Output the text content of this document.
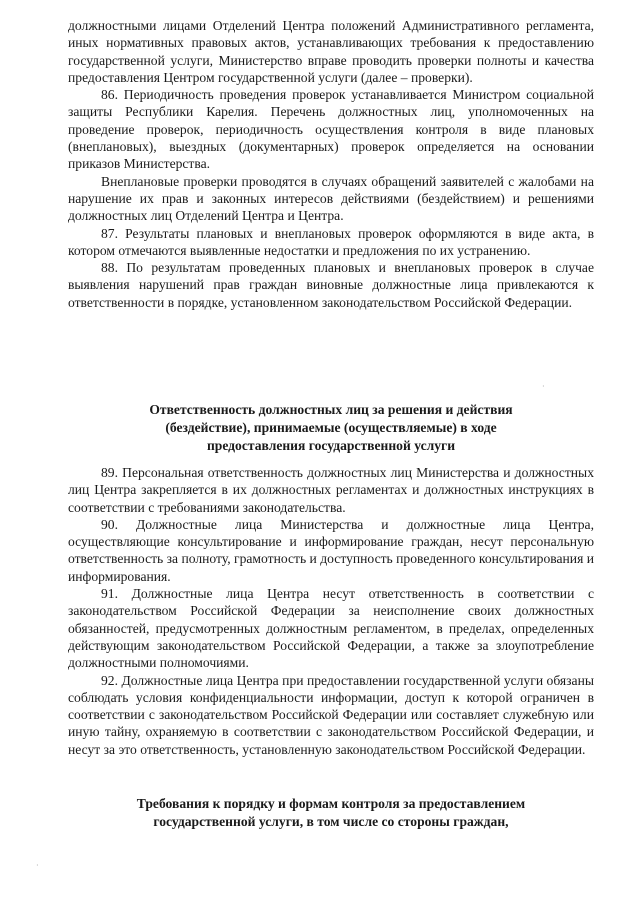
должностными лицами Отделений Центра положений Административного регламента, иных нормативных правовых актов, устанавливающих требования к предоставлению государственной услуги, Министерство вправе проводить проверки полноты и качества предоставления Центром государственной услуги (далее – проверки).

86. Периодичность проведения проверок устанавливается Министром социальной защиты Республики Карелия. Перечень должностных лиц, уполномоченных на проведение проверок, периодичность осуществления контроля в виде плановых (внеплановых), выездных (документарных) проверок определяется на основании приказов Министерства.

Внеплановые проверки проводятся в случаях обращений заявителей с жалобами на нарушение их прав и законных интересов действиями (бездействием) и решениями должностных лиц Отделений Центра и Центра.

87. Результаты плановых и внеплановых проверок оформляются в виде акта, в котором отмечаются выявленные недостатки и предложения по их устранению.

88. По результатам проведенных плановых и внеплановых проверок в случае выявления нарушений прав граждан виновные должностные лица привлекаются к ответственности в порядке, установленном законодательством Российской Федерации.

Ответственность должностных лиц за решения и действия
(бездействие), принимаемые (осуществляемые) в ходе
предоставления государственной услуги

89. Персональная ответственность должностных лиц Министерства и должностных лиц Центра закрепляется в их должностных регламентах и должностных инструкциях в соответствии с требованиями законодательства.

90. Должностные лица Министерства и должностные лица Центра, осуществляющие консультирование и информирование граждан, несут персональную ответственность за полноту, грамотность и доступность проведенного консультирования и информирования.

91. Должностные лица Центра несут ответственность в соответствии с законодательством Российской Федерации за неисполнение своих должностных обязанностей, предусмотренных должностным регламентом, в пределах, определенных действующим законодательством Российской Федерации, а также за злоупотребление должностными полномочиями.

92. Должностные лица Центра при предоставлении государственной услуги обязаны соблюдать условия конфиденциальности информации, доступ к которой ограничен в соответствии с законодательством Российской Федерации или составляет служебную или иную тайну, охраняемую в соответствии с законодательством Российской Федерации, и несут за это ответственность, установленную законодательством Российской Федерации.

Требования к порядку и формам контроля за предоставлением
государственной услуги, в том числе со стороны граждан,
·
·
